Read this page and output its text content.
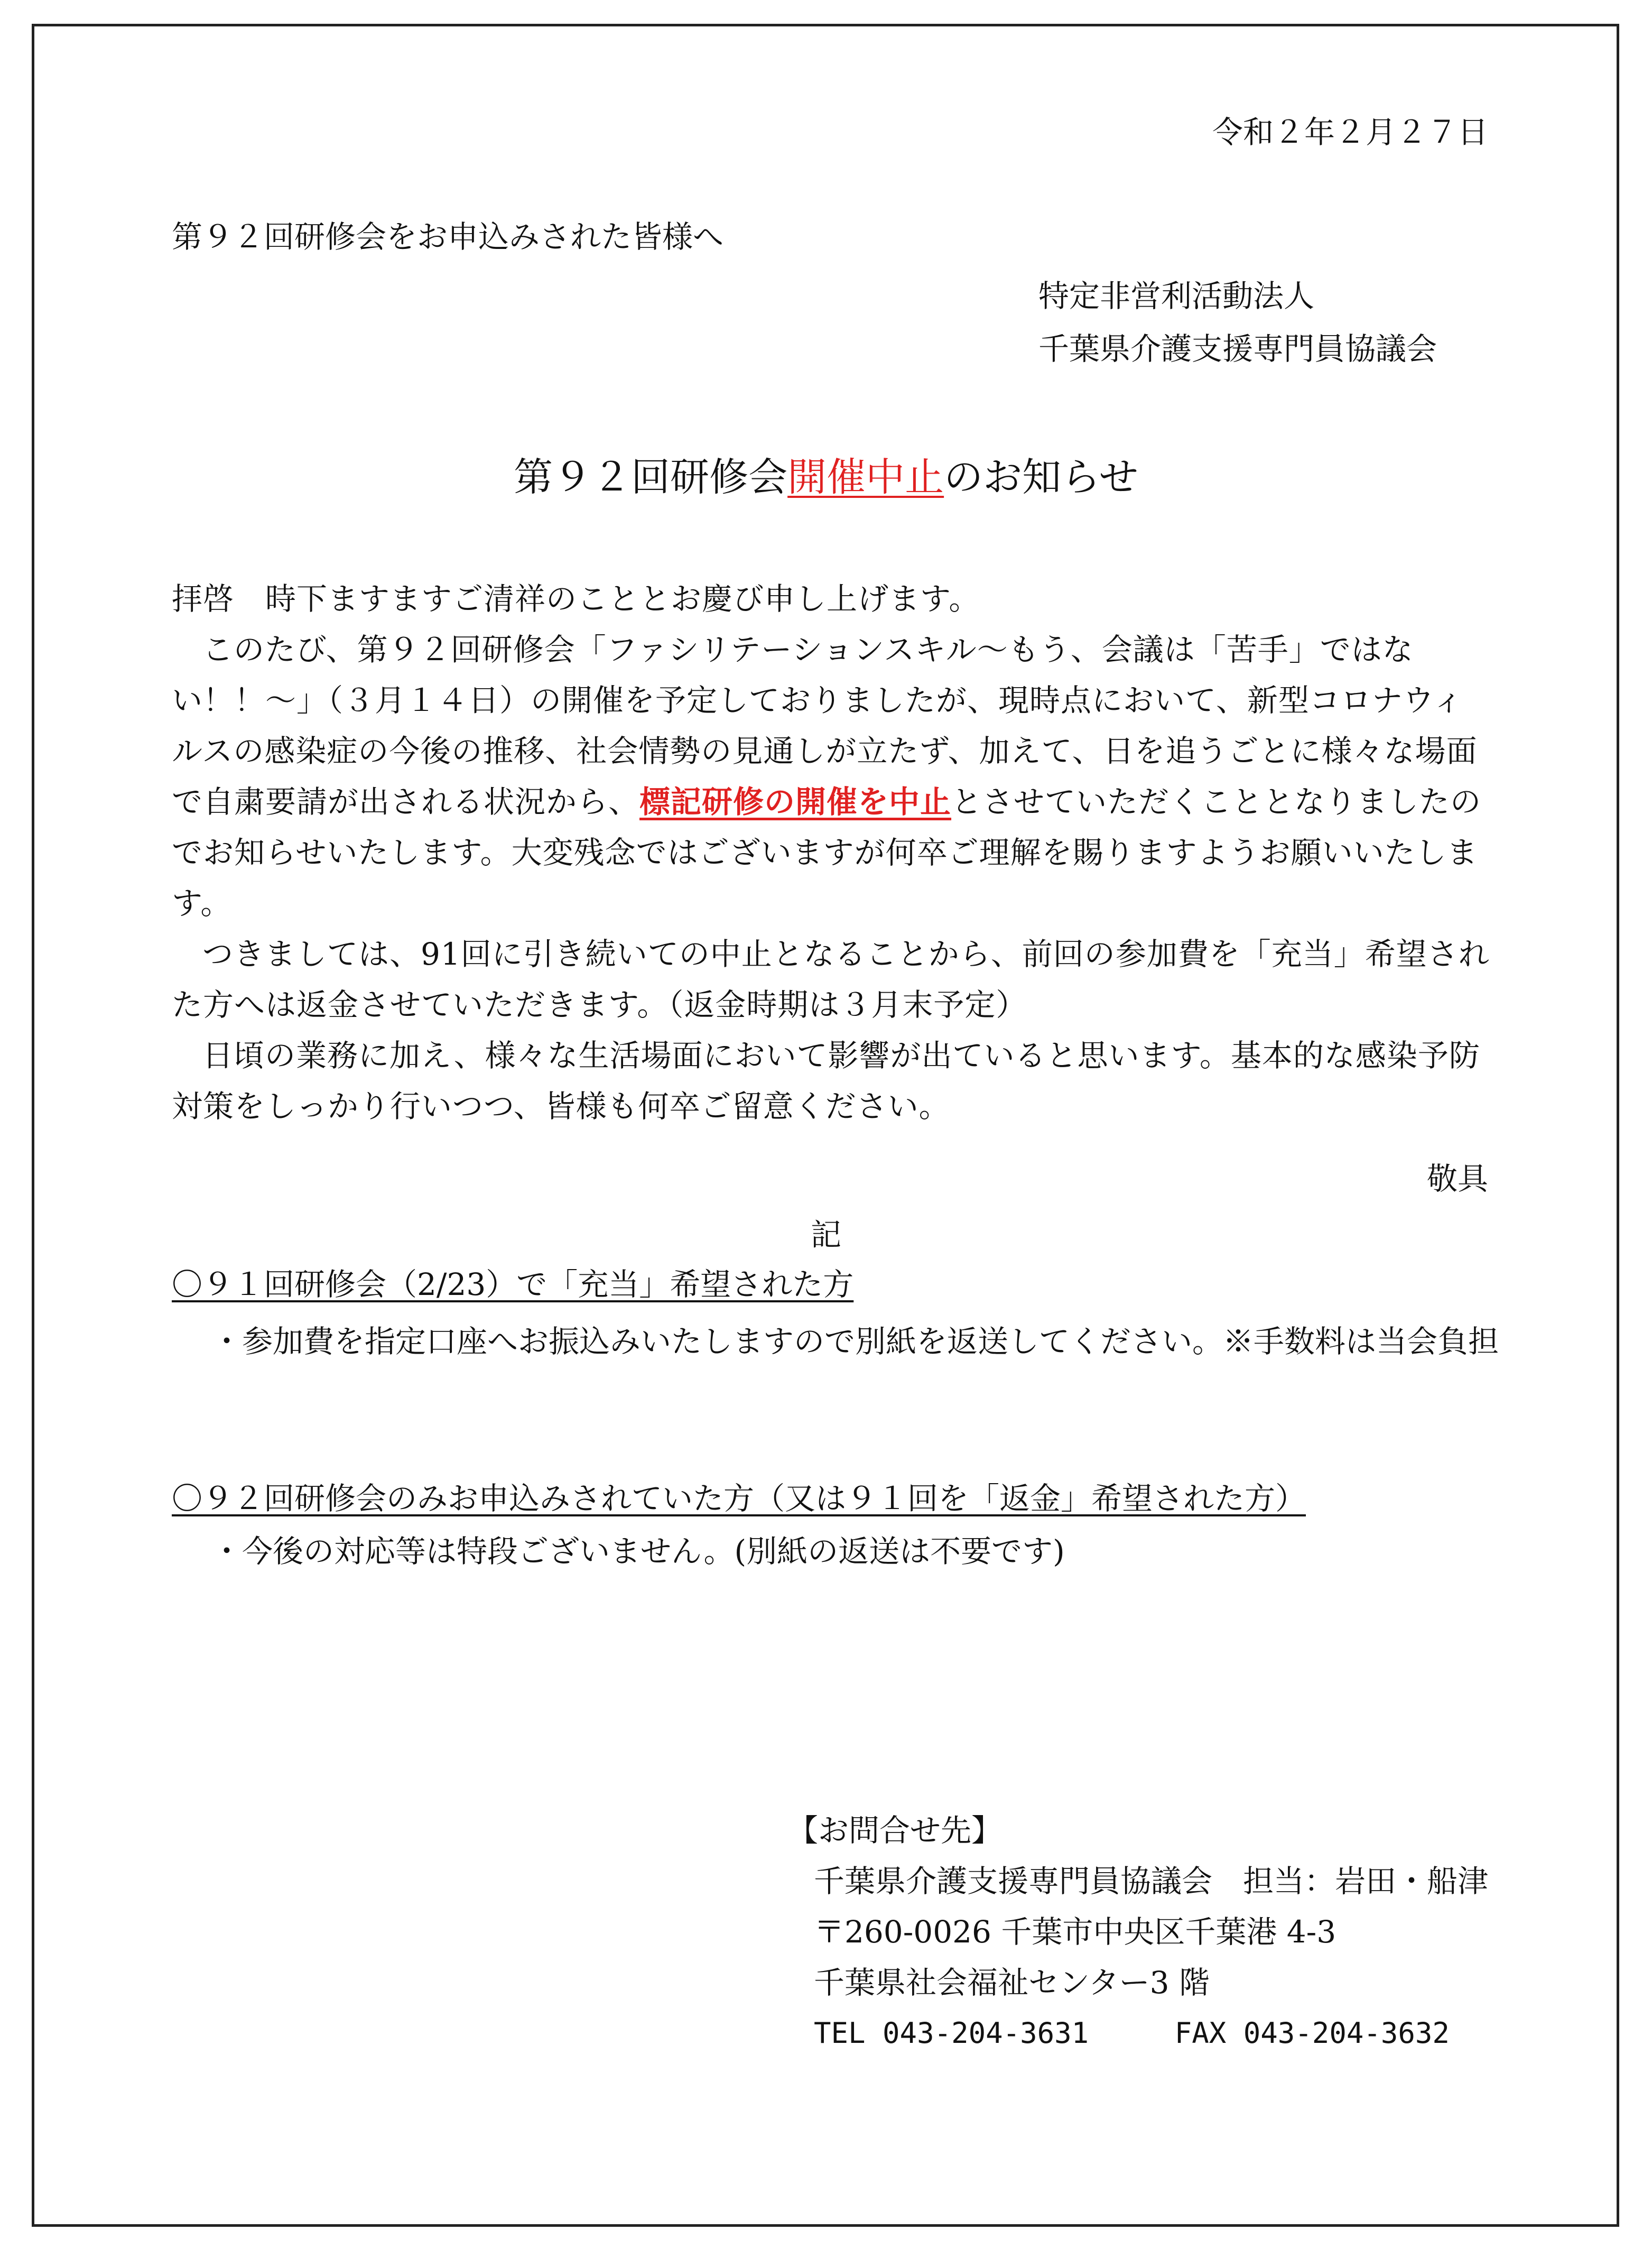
令和２年２月２７日
第９２回研修会をお申込みされた皆様へ
特定非営利活動法人
千葉県介護支援専門員協議会
第９２回研修会開催中止のお知らせ

拝啓　時下ますますご清祥のこととお慶び申し上げます。

このたび、第９２回研修会「ファシリテーションスキル〜もう、会議は「苦手」ではない！！〜」（３月１４日）の開催を予定しておりましたが、現時点において、新型コロナウィルスの感染症の今後の推移、社会情勢の見通しが立たず、加えて、日を追うごとに様々な場面で自粛要請が出される状況から、標記研修の開催を中止とさせていただくこととなりましたのでお知らせいたします。大変残念ではございますが何卒ご理解を賜りますようお願いいたします。

つきましては、91回に引き続いての中止となることから、前回の参加費を「充当」希望された方へは返金させていただきます。（返金時期は３月末予定）

日頃の業務に加え、様々な生活場面において影響が出ていると思います。基本的な感染予防対策をしっかり行いつつ、皆様も何卒ご留意ください。

敬具
記
〇９１回研修会（2/23）で「充当」希望された方
・参加費を指定口座へお振込みいたしますので別紙を返送してください。※手数料は当会負担
〇９２回研修会のみお申込みされていた方（又は９１回を「返金」希望された方）
・今後の対応等は特段ございません。(別紙の返送は不要です)
【お問合せ先】
千葉県介護支援専門員協議会　担当：岩田・船津
〒260-0026 千葉市中央区千葉港 4-3
千葉県社会福祉センター3 階
TEL 043-204-3631     FAX 043-204-3632
